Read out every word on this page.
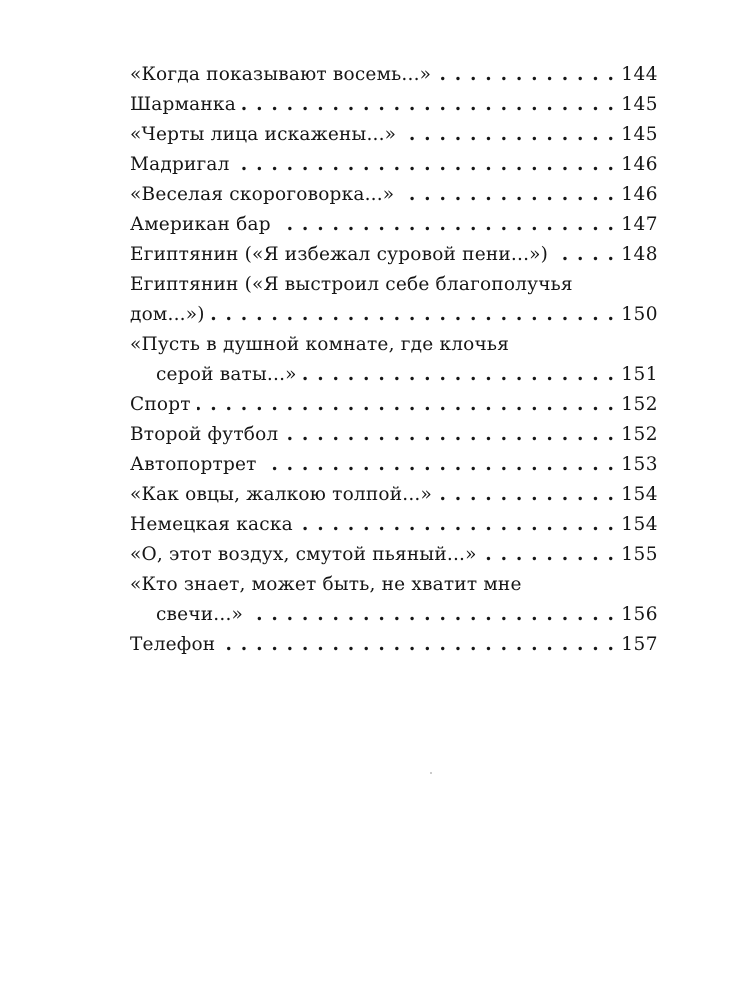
«Когда показывают восемь...» . . .	144
Шарманка . . .	145
«Черты лица искажены...» . . .	145
Мадригал . . .	146
«Веселая скороговорка...» . . .	146
Американ бар . . .	147
Египтянин («Я избежал суровой пени...») . . .	148
Египтянин («Я выстроил себе благополучья
дом...») . . .	150
«Пусть в душной комнате, где клочья
серой ваты...» . . .	151
Спорт . . .	152
Второй футбол . . .	152
Автопортрет . . .	153
«Как овцы, жалкою толпой...» . . .	154
Немецкая каска . . .	154
«О, этот воздух, смутой пьяный...» . . .	155
«Кто знает, может быть, не хватит мне
свечи...» . . .	156
Телефон . . .	157
